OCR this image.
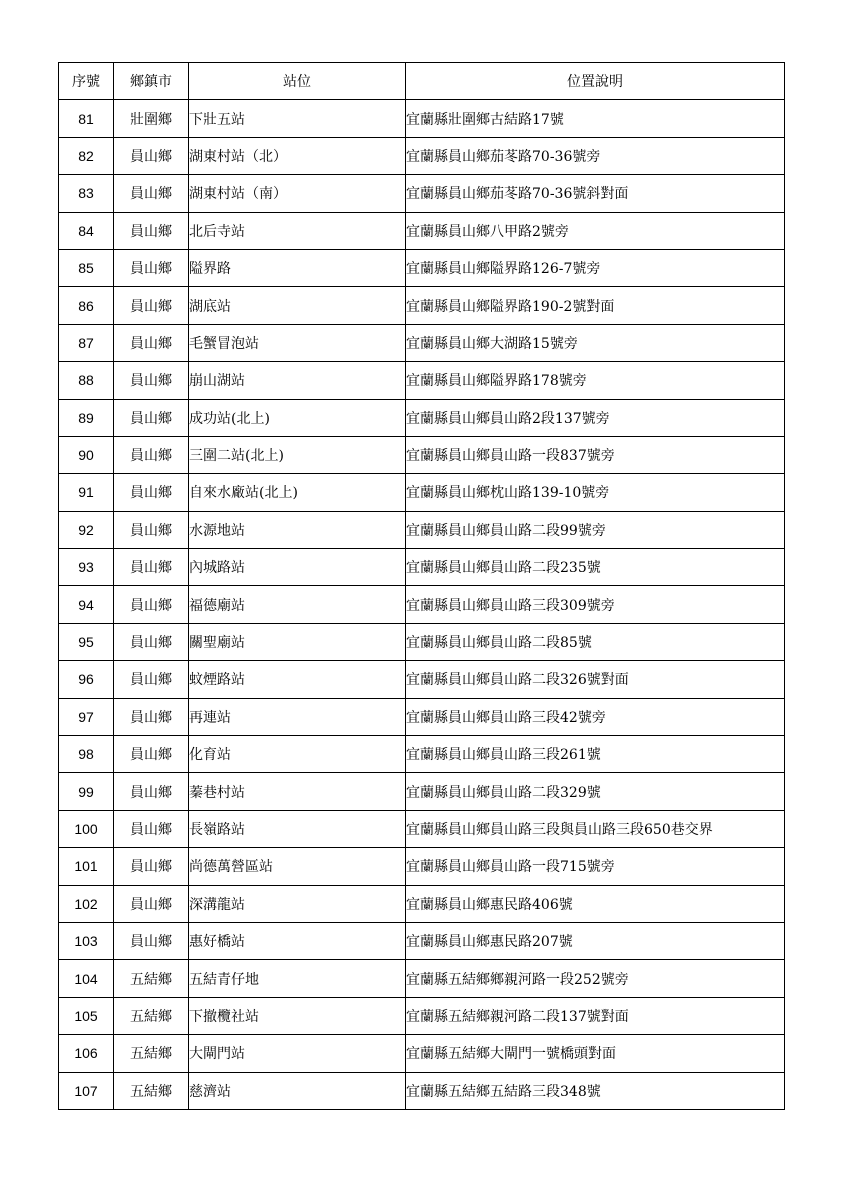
序號	鄉鎮市	站位	位置說明
81	壯圍鄉	下壯五站	宜蘭縣壯圍鄉古結路17號
82	員山鄉	湖東村站（北）	宜蘭縣員山鄉茄苳路70-36號旁
83	員山鄉	湖東村站（南）	宜蘭縣員山鄉茄苳路70-36號斜對面
84	員山鄉	北后寺站	宜蘭縣員山鄉八甲路2號旁
85	員山鄉	隘界路	宜蘭縣員山鄉隘界路126-7號旁
86	員山鄉	湖底站	宜蘭縣員山鄉隘界路190-2號對面
87	員山鄉	毛蟹冒泡站	宜蘭縣員山鄉大湖路15號旁
88	員山鄉	崩山湖站	宜蘭縣員山鄉隘界路178號旁
89	員山鄉	成功站(北上)	宜蘭縣員山鄉員山路2段137號旁
90	員山鄉	三圍二站(北上)	宜蘭縣員山鄉員山路一段837號旁
91	員山鄉	自來水廠站(北上)	宜蘭縣員山鄉枕山路139-10號旁
92	員山鄉	水源地站	宜蘭縣員山鄉員山路二段99號旁
93	員山鄉	內城路站	宜蘭縣員山鄉員山路二段235號
94	員山鄉	福德廟站	宜蘭縣員山鄉員山路三段309號旁
95	員山鄉	關聖廟站	宜蘭縣員山鄉員山路二段85號
96	員山鄉	蚊煙路站	宜蘭縣員山鄉員山路二段326號對面
97	員山鄉	再連站	宜蘭縣員山鄉員山路三段42號旁
98	員山鄉	化育站	宜蘭縣員山鄉員山路三段261號
99	員山鄉	蓁巷村站	宜蘭縣員山鄉員山路二段329號
100	員山鄉	長嶺路站	宜蘭縣員山鄉員山路三段與員山路三段650巷交界
101	員山鄉	尚德萬營區站	宜蘭縣員山鄉員山路一段715號旁
102	員山鄉	深溝龍站	宜蘭縣員山鄉惠民路406號
103	員山鄉	惠好橋站	宜蘭縣員山鄉惠民路207號
104	五結鄉	五結青仔地	宜蘭縣五結鄉鄉親河路一段252號旁
105	五結鄉	下撤欖社站	宜蘭縣五結鄉親河路二段137號對面
106	五結鄉	大閘門站	宜蘭縣五結鄉大閘門一號橋頭對面
107	五結鄉	慈濟站	宜蘭縣五結鄉五結路三段348號
